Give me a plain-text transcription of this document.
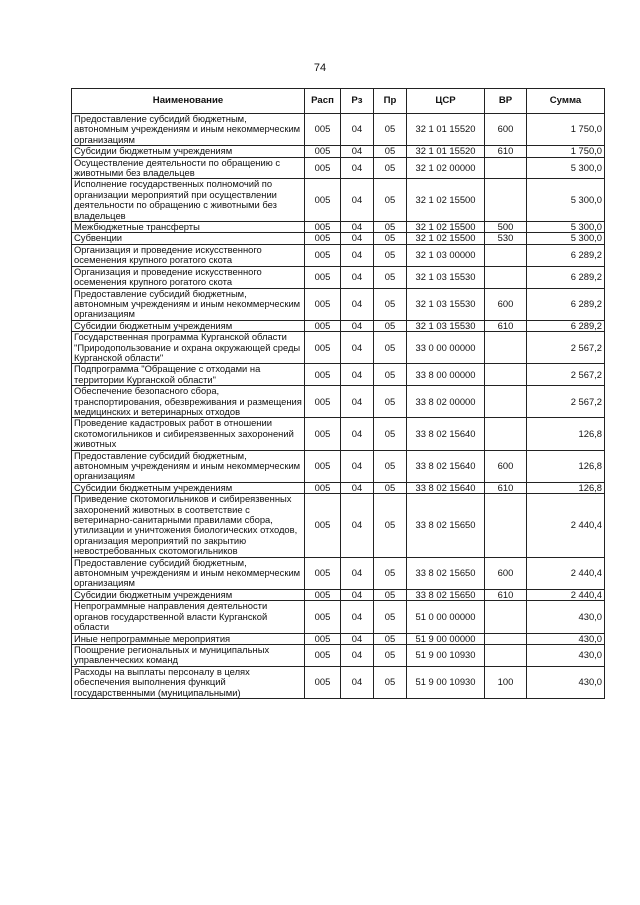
74
Наименование	Расп	Рз	Пр	ЦСР	ВР	Сумма
Предоставление субсидий бюджетным, автономным учреждениям и иным некоммерческим организациям	005	04	05	32 1 01 15520	600	1 750,0
Субсидии бюджетным учреждениям	005	04	05	32 1 01 15520	610	1 750,0
Осуществление деятельности по обращению с животными без владельцев	005	04	05	32 1 02 00000		5 300,0
Исполнение государственных полномочий по организации мероприятий при осуществлении деятельности по обращению с животными без владельцев	005	04	05	32 1 02 15500		5 300,0
Межбюджетные трансферты	005	04	05	32 1 02 15500	500	5 300,0
Субвенции	005	04	05	32 1 02 15500	530	5 300,0
Организация и проведение искусственного осеменения крупного рогатого скота	005	04	05	32 1 03 00000		6 289,2
Организация и проведение искусственного осеменения крупного рогатого скота	005	04	05	32 1 03 15530		6 289,2
Предоставление субсидий бюджетным, автономным учреждениям и иным некоммерческим организациям	005	04	05	32 1 03 15530	600	6 289,2
Субсидии бюджетным учреждениям	005	04	05	32 1 03 15530	610	6 289,2
Государственная программа Курганской области "Природопользование и охрана окружающей среды Курганской области"	005	04	05	33 0 00 00000		2 567,2
Подпрограмма "Обращение с отходами на территории Курганской области"	005	04	05	33 8 00 00000		2 567,2
Обеспечение безопасного сбора, транспортирования, обезвреживания и размещения медицинских и ветеринарных отходов	005	04	05	33 8 02 00000		2 567,2
Проведение кадастровых работ в отношении скотомогильников и сибиреязвенных захоронений животных	005	04	05	33 8 02 15640		126,8
Предоставление субсидий бюджетным, автономным учреждениям и иным некоммерческим организациям	005	04	05	33 8 02 15640	600	126,8
Субсидии бюджетным учреждениям	005	04	05	33 8 02 15640	610	126,8
Приведение скотомогильников и сибиреязвенных захоронений животных в соответствие с ветеринарно-санитарными правилами сбора, утилизации и уничтожения биологических отходов, организация мероприятий по закрытию невостребованных скотомогильников	005	04	05	33 8 02 15650		2 440,4
Предоставление субсидий бюджетным, автономным учреждениям и иным некоммерческим организациям	005	04	05	33 8 02 15650	600	2 440,4
Субсидии бюджетным учреждениям	005	04	05	33 8 02 15650	610	2 440,4
Непрограммные направления деятельности органов государственной власти Курганской области	005	04	05	51 0 00 00000		430,0
Иные непрограммные мероприятия	005	04	05	51 9 00 00000		430,0
Поощрение региональных и муниципальных управленческих команд	005	04	05	51 9 00 10930		430,0
Расходы на выплаты персоналу в целях обеспечения выполнения функций государственными (муниципальными)	005	04	05	51 9 00 10930	100	430,0
